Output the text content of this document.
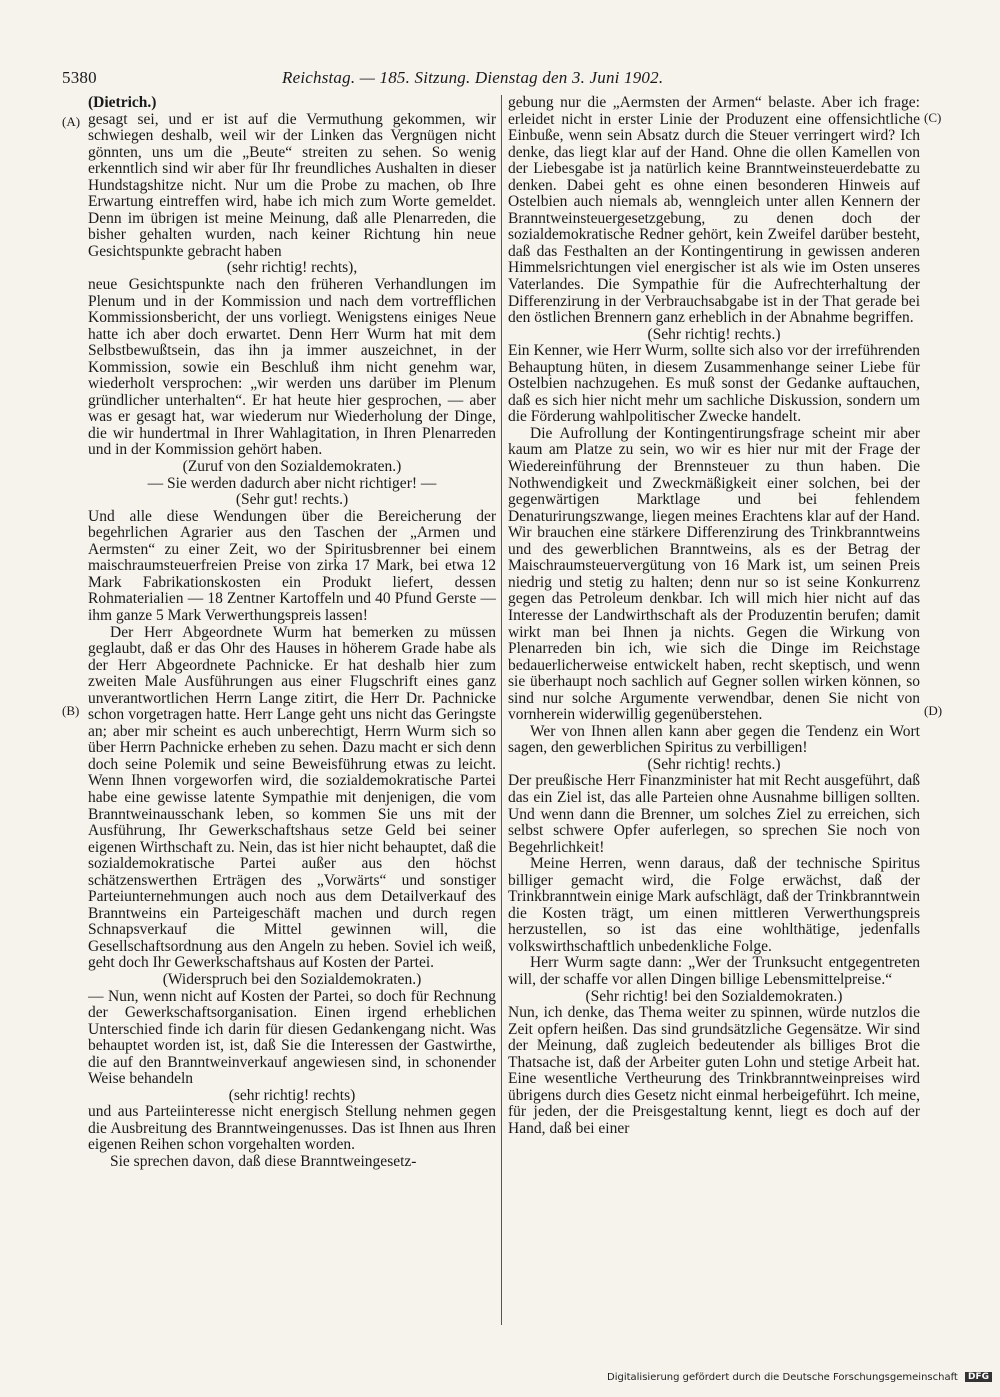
5380	Reichstag. — 185. Sitzung. Dienstag den 3. Juni 1902.
(A)
(B)
(C)
(D)

(Dietrich.)

gesagt sei, und er ist auf die Vermuthung gekommen, wir schwiegen deshalb, weil wir der Linken das Vergnügen nicht gönnten, uns um die „Beute“ streiten zu sehen. So wenig erkenntlich sind wir aber für Ihr freundliches Aushalten in dieser Hundstagshitze nicht. Nur um die Probe zu machen, ob Ihre Erwartung eintreffen wird, habe ich mich zum Worte gemeldet. Denn im übrigen ist meine Meinung, daß alle Plenarreden, die bisher gehalten wurden, nach keiner Richtung hin neue Gesichtspunkte gebracht haben

(sehr richtig! rechts),

neue Gesichtspunkte nach den früheren Verhandlungen im Plenum und in der Kommission und nach dem vortrefflichen Kommissionsbericht, der uns vorliegt. Wenigstens einiges Neue hatte ich aber doch erwartet. Denn Herr Wurm hat mit dem Selbstbewußtsein, das ihn ja immer auszeichnet, in der Kommission, sowie ein Beschluß ihm nicht genehm war, wiederholt versprochen: „wir werden uns darüber im Plenum gründlicher unterhalten“. Er hat heute hier gesprochen, — aber was er gesagt hat, war wiederum nur Wiederholung der Dinge, die wir hundertmal in Ihrer Wahlagitation, in Ihren Plenarreden und in der Kommission gehört haben.

(Zuruf von den Sozialdemokraten.)

— Sie werden dadurch aber nicht richtiger! —

(Sehr gut! rechts.)

Und alle diese Wendungen über die Bereicherung der begehrlichen Agrarier aus den Taschen der „Armen und Aermsten“ zu einer Zeit, wo der Spiritusbrenner bei einem maischraumsteuerfreien Preise von zirka 17 Mark, bei etwa 12 Mark Fabrikationskosten ein Produkt liefert, dessen Rohmaterialien — 18 Zentner Kartoffeln und 40 Pfund Gerste — ihm ganze 5 Mark Verwerthungspreis lassen!

Der Herr Abgeordnete Wurm hat bemerken zu müssen geglaubt, daß er das Ohr des Hauses in höherem Grade habe als der Herr Abgeordnete Pachnicke. Er hat deshalb hier zum zweiten Male Ausführungen aus einer Flugschrift eines ganz unverantwortlichen Herrn Lange zitirt, die Herr Dr. Pachnicke schon vorgetragen hatte. Herr Lange geht uns nicht das Geringste an; aber mir scheint es auch unberechtigt, Herrn Wurm sich so über Herrn Pachnicke erheben zu sehen. Dazu macht er sich denn doch seine Polemik und seine Beweisführung etwas zu leicht. Wenn Ihnen vorgeworfen wird, die sozialdemokratische Partei habe eine gewisse latente Sympathie mit denjenigen, die vom Branntweinausschank leben, so kommen Sie uns mit der Ausführung, Ihr Gewerkschaftshaus setze Geld bei seiner eigenen Wirthschaft zu. Nein, das ist hier nicht behauptet, daß die sozialdemokratische Partei außer aus den höchst schätzenswerthen Erträgen des „Vorwärts“ und sonstiger Parteiunternehmungen auch noch aus dem Detailverkauf des Branntweins ein Parteigeschäft machen und durch regen Schnapsverkauf die Mittel gewinnen will, die Gesellschaftsordnung aus den Angeln zu heben. Soviel ich weiß, geht doch Ihr Gewerkschaftshaus auf Kosten der Partei.

(Widerspruch bei den Sozialdemokraten.)

— Nun, wenn nicht auf Kosten der Partei, so doch für Rechnung der Gewerkschaftsorganisation. Einen irgend erheblichen Unterschied finde ich darin für diesen Gedankengang nicht. Was behauptet worden ist, ist, daß Sie die Interessen der Gastwirthe, die auf den Branntweinverkauf angewiesen sind, in schonender Weise behandeln

(sehr richtig! rechts)

und aus Parteiinteresse nicht energisch Stellung nehmen gegen die Ausbreitung des Branntweingenusses. Das ist Ihnen aus Ihren eigenen Reihen schon vorgehalten worden.

Sie sprechen davon, daß diese Branntweingesetz-

gebung nur die „Aermsten der Armen“ belaste. Aber ich frage: erleidet nicht in erster Linie der Produzent eine offensichtliche Einbuße, wenn sein Absatz durch die Steuer verringert wird? Ich denke, das liegt klar auf der Hand. Ohne die ollen Kamellen von der Liebesgabe ist ja natürlich keine Branntweinsteuerdebatte zu denken. Dabei geht es ohne einen besonderen Hinweis auf Ostelbien auch niemals ab, wenngleich unter allen Kennern der Branntweinsteuergesetzgebung, zu denen doch der sozialdemokratische Redner gehört, kein Zweifel darüber besteht, daß das Festhalten an der Kontingentirung in gewissen anderen Himmelsrichtungen viel energischer ist als wie im Osten unseres Vaterlandes. Die Sympathie für die Aufrechterhaltung der Differenzirung in der Verbrauchsabgabe ist in der That gerade bei den östlichen Brennern ganz erheblich in der Abnahme begriffen.

(Sehr richtig! rechts.)

Ein Kenner, wie Herr Wurm, sollte sich also vor der irreführenden Behauptung hüten, in diesem Zusammenhange seiner Liebe für Ostelbien nachzugehen. Es muß sonst der Gedanke auftauchen, daß es sich hier nicht mehr um sachliche Diskussion, sondern um die Förderung wahlpolitischer Zwecke handelt.

Die Aufrollung der Kontingentirungsfrage scheint mir aber kaum am Platze zu sein, wo wir es hier nur mit der Frage der Wiedereinführung der Brennsteuer zu thun haben. Die Nothwendigkeit und Zweckmäßigkeit einer solchen, bei der gegenwärtigen Marktlage und bei fehlendem Denaturirungszwange, liegen meines Erachtens klar auf der Hand. Wir brauchen eine stärkere Differenzirung des Trinkbranntweins und des gewerblichen Branntweins, als es der Betrag der Maischraumsteuervergütung von 16 Mark ist, um seinen Preis niedrig und stetig zu halten; denn nur so ist seine Konkurrenz gegen das Petroleum denkbar. Ich will mich hier nicht auf das Interesse der Landwirthschaft als der Produzentin berufen; damit wirkt man bei Ihnen ja nichts. Gegen die Wirkung von Plenarreden bin ich, wie sich die Dinge im Reichstage bedauerlicherweise entwickelt haben, recht skeptisch, und wenn sie überhaupt noch sachlich auf Gegner sollen wirken können, so sind nur solche Argumente verwendbar, denen Sie nicht von vornherein widerwillig gegenüberstehen.

Wer von Ihnen allen kann aber gegen die Tendenz ein Wort sagen, den gewerblichen Spiritus zu verbilligen!

(Sehr richtig! rechts.)

Der preußische Herr Finanzminister hat mit Recht ausgeführt, daß das ein Ziel ist, das alle Parteien ohne Ausnahme billigen sollten. Und wenn dann die Brenner, um solches Ziel zu erreichen, sich selbst schwere Opfer auferlegen, so sprechen Sie noch von Begehrlichkeit!

Meine Herren, wenn daraus, daß der technische Spiritus billiger gemacht wird, die Folge erwächst, daß der Trinkbranntwein einige Mark aufschlägt, daß der Trinkbranntwein die Kosten trägt, um einen mittleren Verwerthungspreis herzustellen, so ist das eine wohlthätige, jedenfalls volkswirthschaftlich unbedenkliche Folge.

Herr Wurm sagte dann: „Wer der Trunksucht entgegentreten will, der schaffe vor allen Dingen billige Lebensmittelpreise.“

(Sehr richtig! bei den Sozialdemokraten.)

Nun, ich denke, das Thema weiter zu spinnen, würde nutzlos die Zeit opfern heißen. Das sind grundsätzliche Gegensätze. Wir sind der Meinung, daß zugleich bedeutender als billiges Brot die Thatsache ist, daß der Arbeiter guten Lohn und stetige Arbeit hat. Eine wesentliche Vertheurung des Trinkbranntweinpreises wird übrigens durch dies Gesetz nicht einmal herbeigeführt. Ich meine, für jeden, der die Preisgestaltung kennt, liegt es doch auf der Hand, daß bei einer

Digitalisierung gefördert durch die Deutsche Forschungsgemeinschaft DFG
